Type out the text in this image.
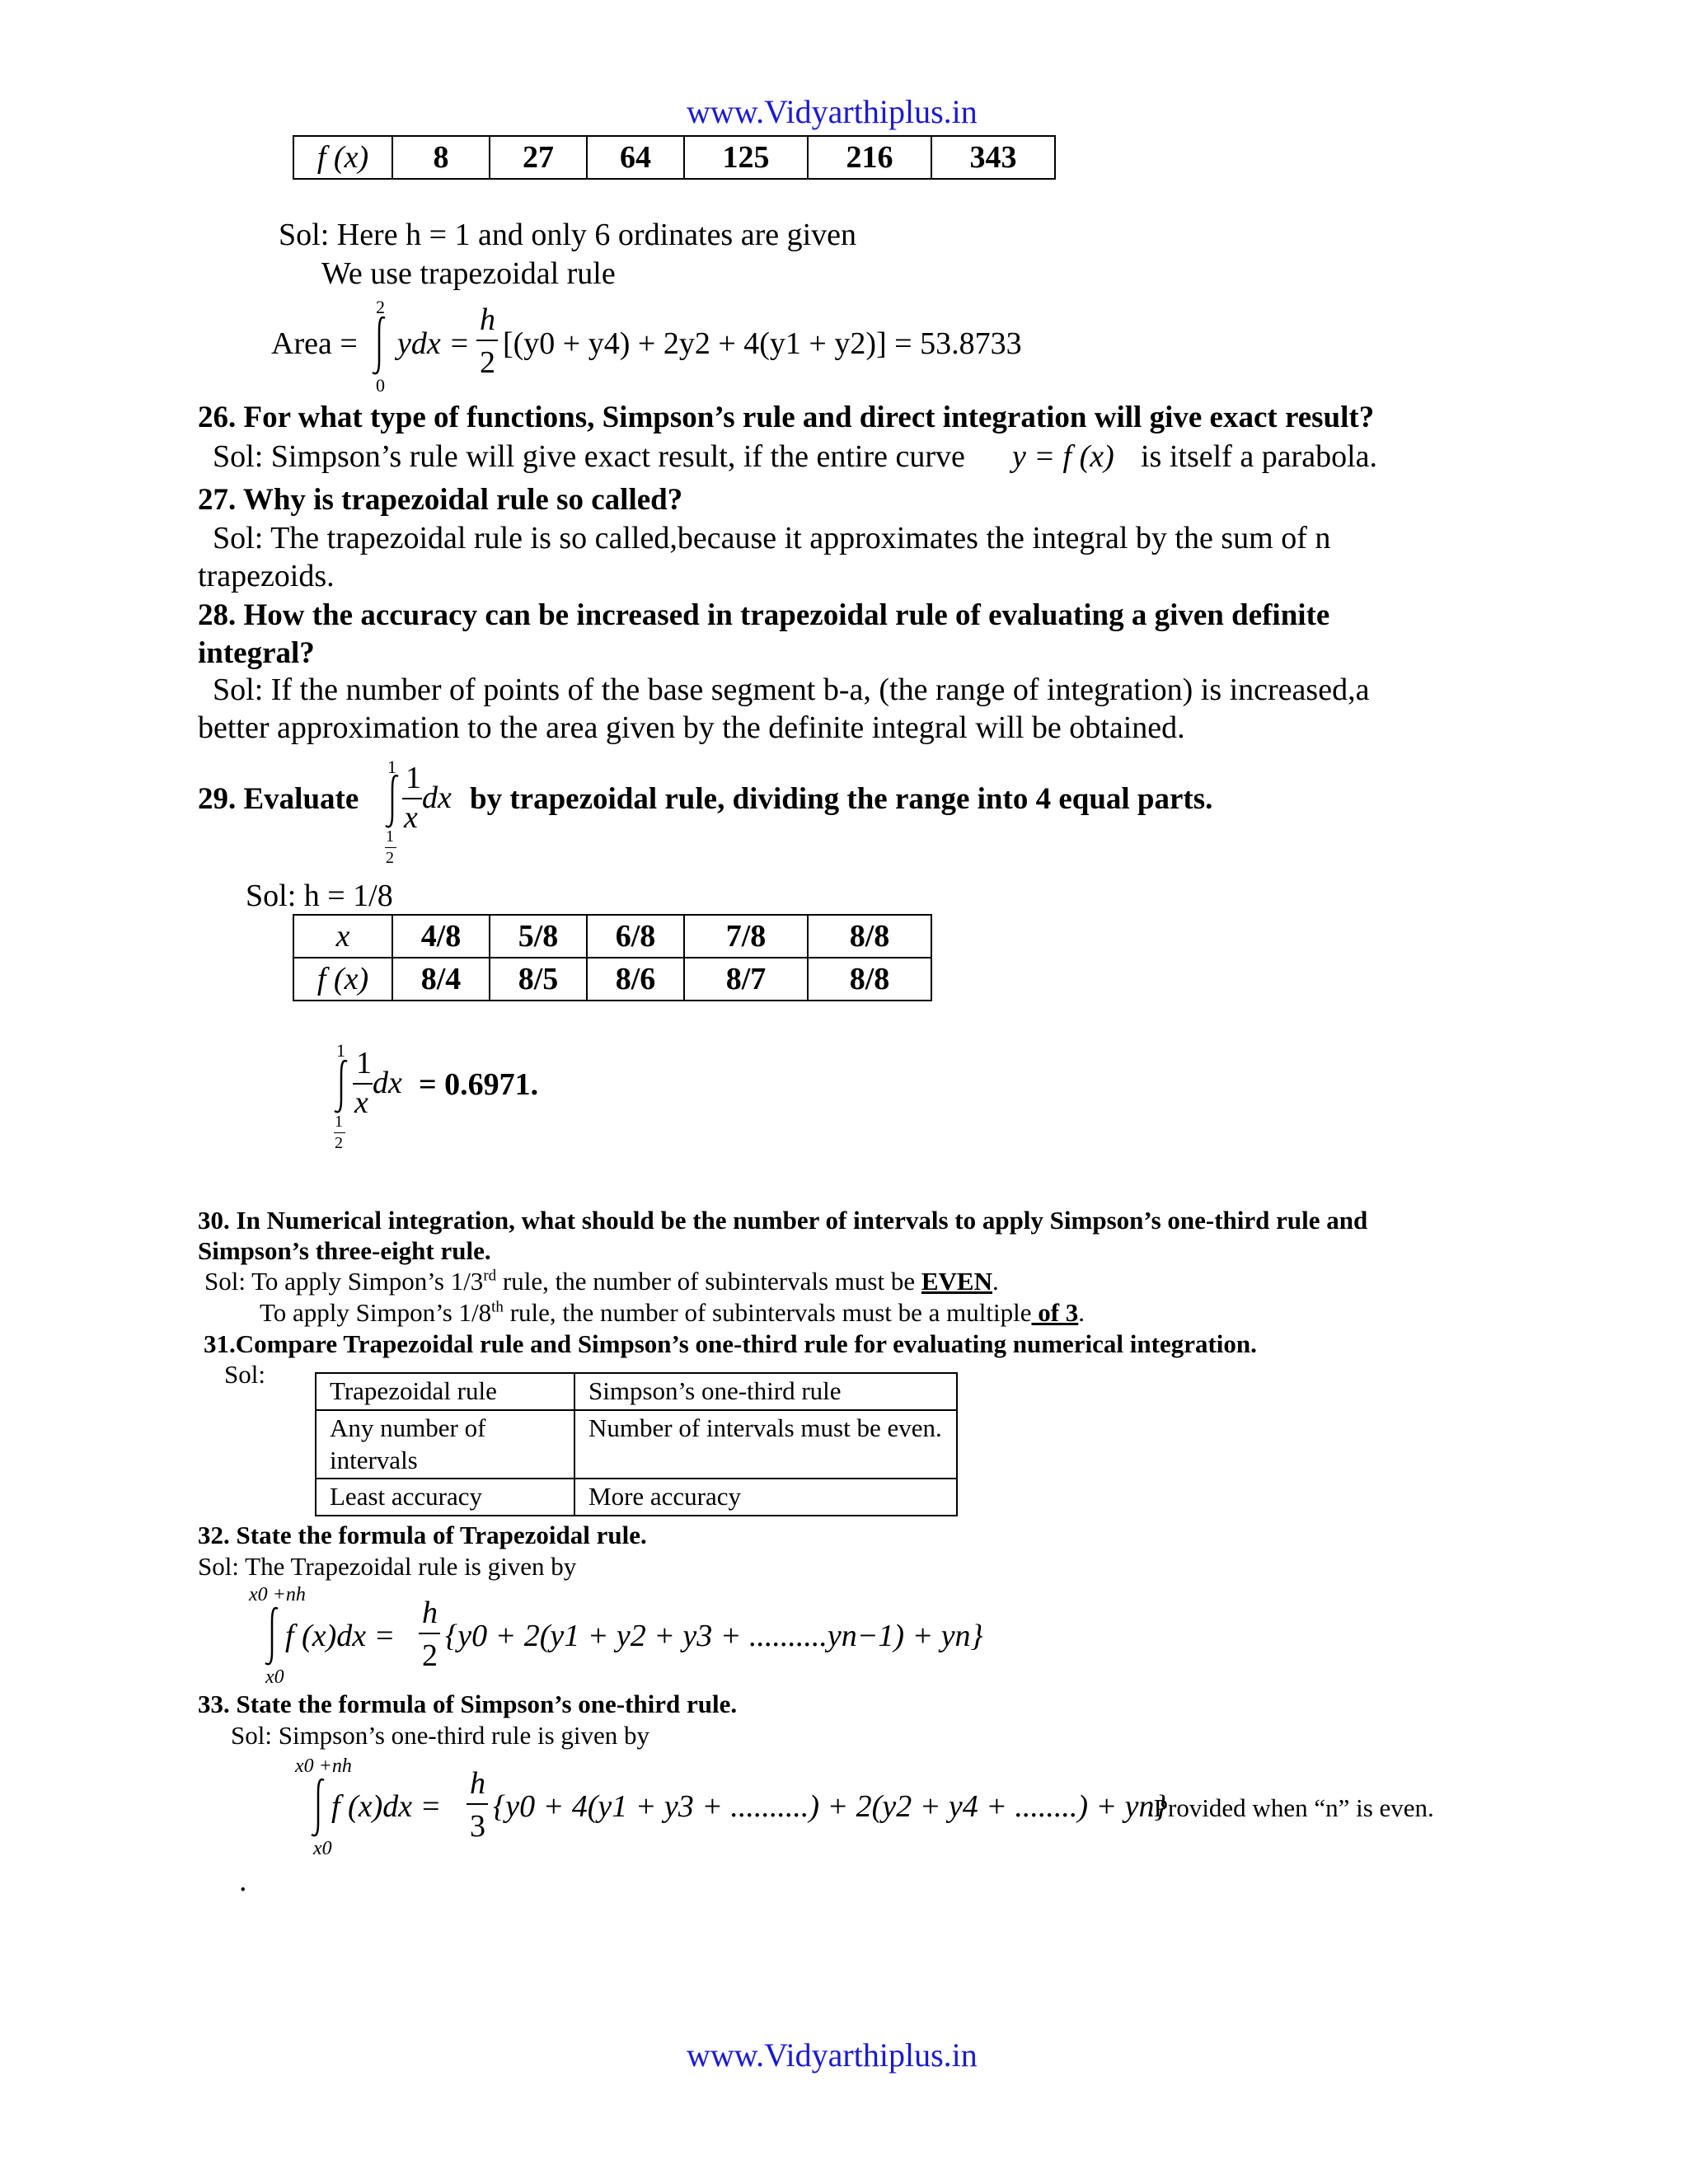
www.Vidyarthiplus.in
f (x)	8	27	64	125	216	343
Sol: Here h = 1 and only 6 ordinates are given
We use trapezoidal rule
Area =
2
0
ydx =
h
2
[(y0 + y4) + 2y2 + 4(y1 + y2)] = 53.8733
26. For what type of functions, Simpson’s rule and direct integration will give exact result?
Sol: Simpson’s rule will give exact result, if the entire curve y = f (x) is itself a parabola.
27. Why is trapezoidal rule so called?
Sol: The trapezoidal rule is so called,because it approximates the integral by the sum of n
trapezoids.
28. How the accuracy can be increased in trapezoidal rule of evaluating a given definite
integral?
Sol: If the number of points of the base segment b-a, (the range of integration) is increased,a
better approximation to the area given by the definite integral will be obtained.
29. Evaluate
1
1
2
1
x
dx by trapezoidal rule, dividing the range into 4 equal parts.
Sol: h = 1/8
x	4/8	5/8	6/8	7/8	8/8
f (x)	8/4	8/5	8/6	8/7	8/8
1
1
2
1
x
dx = 0.6971.
30. In Numerical integration, what should be the number of intervals to apply Simpson’s one-third rule and
Simpson’s three-eight rule.
Sol: To apply Simpon’s 1/3rd rule, the number of subintervals must be EVEN.
To apply Simpon’s 1/8th rule, the number of subintervals must be a multiple of 3.
31.Compare Trapezoidal rule and Simpson’s one-third rule for evaluating numerical integration.
Sol:
Trapezoidal rule	Simpson’s one-third rule
Any number of intervals	Number of intervals must be even.
Least accuracy	More accuracy
32. State the formula of Trapezoidal rule.
Sol: The Trapezoidal rule is given by
x0 +nh
x0
f (x)dx =
h
2
{y0 + 2(y1 + y2 + y3 + ..........yn−1) + yn}
33. State the formula of Simpson’s one-third rule.
Sol: Simpson’s one-third rule is given by
x0 +nh
x0
f (x)dx =
h
3
{y0 + 4(y1 + y3 + ..........) + 2(y2 + y4 + ........) + yn}
.Provided when “n” is even.
.
www.Vidyarthiplus.in
